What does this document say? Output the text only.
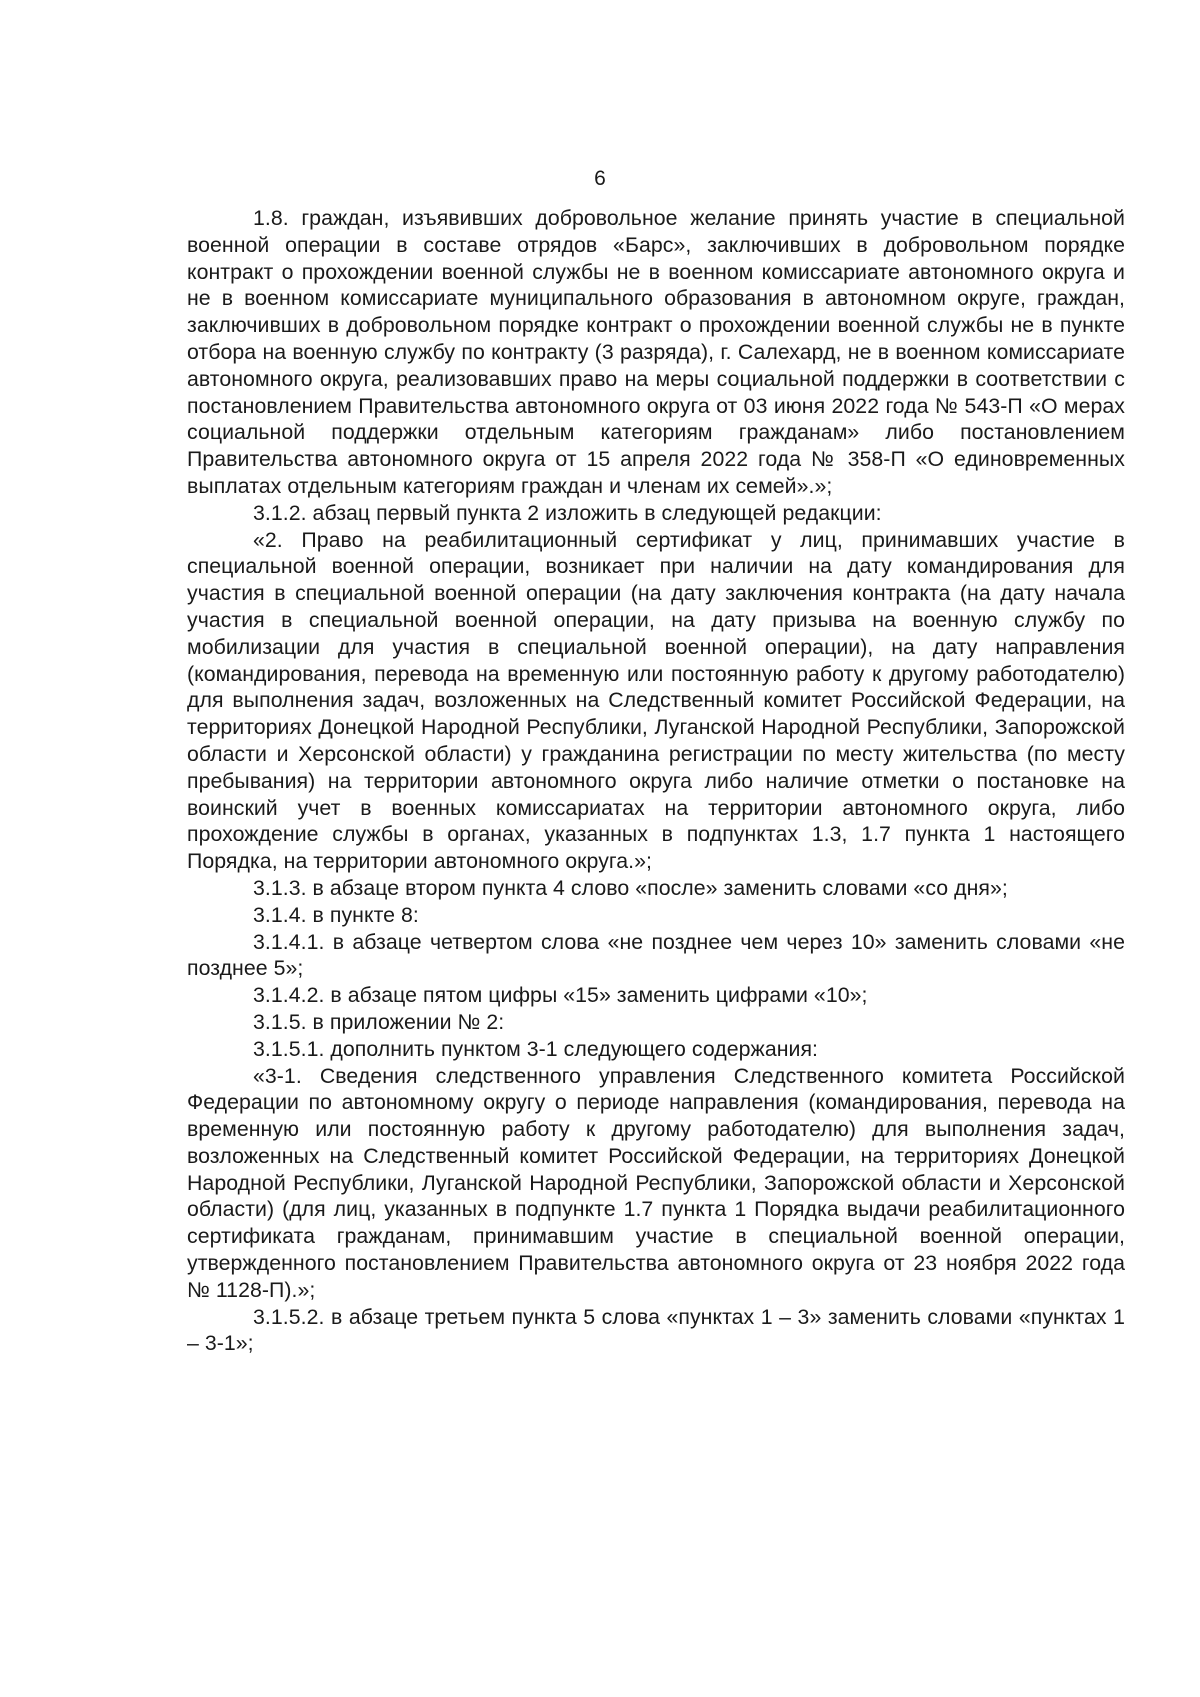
6

1.8. граждан, изъявивших добровольное желание принять участие в специальной военной операции в составе отрядов «Барс», заключивших в добровольном порядке контракт о прохождении военной службы не в военном комиссариате автономного округа и не в военном комиссариате муниципального образования в автономном округе, граждан, заключивших в добровольном порядке контракт о прохождении военной службы не в пункте отбора на военную службу по контракту (3 разряда), г. Салехард, не в военном комиссариате автономного округа, реализовавших право на меры социальной поддержки в соответствии с постановлением Правительства автономного округа от 03 июня 2022 года № 543-П «О мерах социальной поддержки отдельным категориям гражданам» либо постановлением Правительства автономного округа от 15 апреля 2022 года № 358-П «О единовременных выплатах отдельным категориям граждан и членам их семей».»;

3.1.2. абзац первый пункта 2 изложить в следующей редакции:

«2. Право на реабилитационный сертификат у лиц, принимавших участие в специальной военной операции, возникает при наличии на дату командирования для участия в специальной военной операции (на дату заключения контракта (на дату начала участия в специальной военной операции, на дату призыва на военную службу по мобилизации для участия в специальной военной операции), на дату направления (командирования, перевода на временную или постоянную работу к другому работодателю) для выполнения задач, возложенных на Следственный комитет Российской Федерации, на территориях Донецкой Народной Республики, Луганской Народной Республики, Запорожской области и Херсонской области) у гражданина регистрации по месту жительства (по месту пребывания) на территории автономного округа либо наличие отметки о постановке на воинский учет в военных комиссариатах на территории автономного округа, либо прохождение службы в органах, указанных в подпунктах 1.3, 1.7 пункта 1 настоящего Порядка, на территории автономного округа.»;

3.1.3. в абзаце втором пункта 4 слово «после» заменить словами «со дня»;

3.1.4. в пункте 8:

3.1.4.1. в абзаце четвертом слова «не позднее чем через 10» заменить словами «не позднее 5»;

3.1.4.2. в абзаце пятом цифры «15» заменить цифрами «10»;

3.1.5. в приложении № 2:

3.1.5.1. дополнить пунктом 3-1 следующего содержания:

«3-1. Сведения следственного управления Следственного комитета Российской Федерации по автономному округу о периоде направления (командирования, перевода на временную или постоянную работу к другому работодателю) для выполнения задач, возложенных на Следственный комитет Российской Федерации, на территориях Донецкой Народной Республики, Луганской Народной Республики, Запорожской области и Херсонской области) (для лиц, указанных в подпункте 1.7 пункта 1 Порядка выдачи реабилитационного сертификата гражданам, принимавшим участие в специальной военной операции, утвержденного постановлением Правительства автономного округа от 23 ноября 2022 года № 1128-П).»;

3.1.5.2. в абзаце третьем пункта 5 слова «пунктах 1 – 3» заменить словами «пунктах 1 – 3-1»;
